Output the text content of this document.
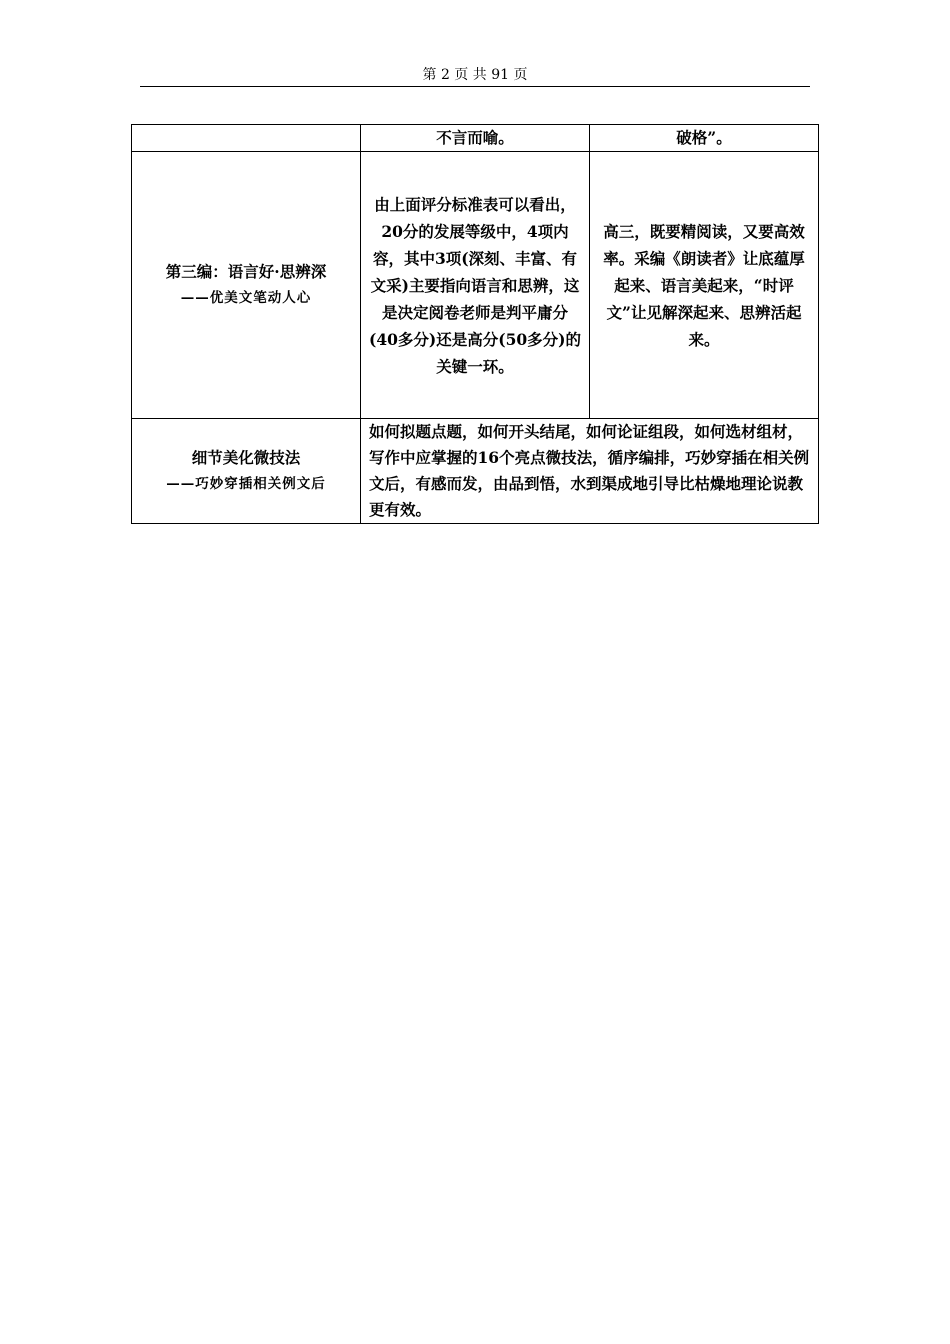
第 2 页 共 91 页
	不言而喻。	破格”。

第三编：语言好·思辨深
——优美文笔动人心	由上面评分标准表可以看出，20分的发展等级中，4项内容，其中3项(深刻、丰富、有文采)主要指向语言和思辨，这是决定阅卷老师是判平庸分(40多分)还是高分(50多分)的关键一环。	高三，既要精阅读，又要高效率。采编《朗读者》让底蕴厚起来、语言美起来，“时评文”让见解深起来、思辨活起来。

细节美化微技法
——巧妙穿插相关例文后	如何拟题点题，如何开头结尾，如何论证组段，如何选材组材，写作中应掌握的16个亮点微技法，循序编排，巧妙穿插在相关例文后，有感而发，由品到悟，水到渠成地引导比枯燥地理论说教更有效。	
